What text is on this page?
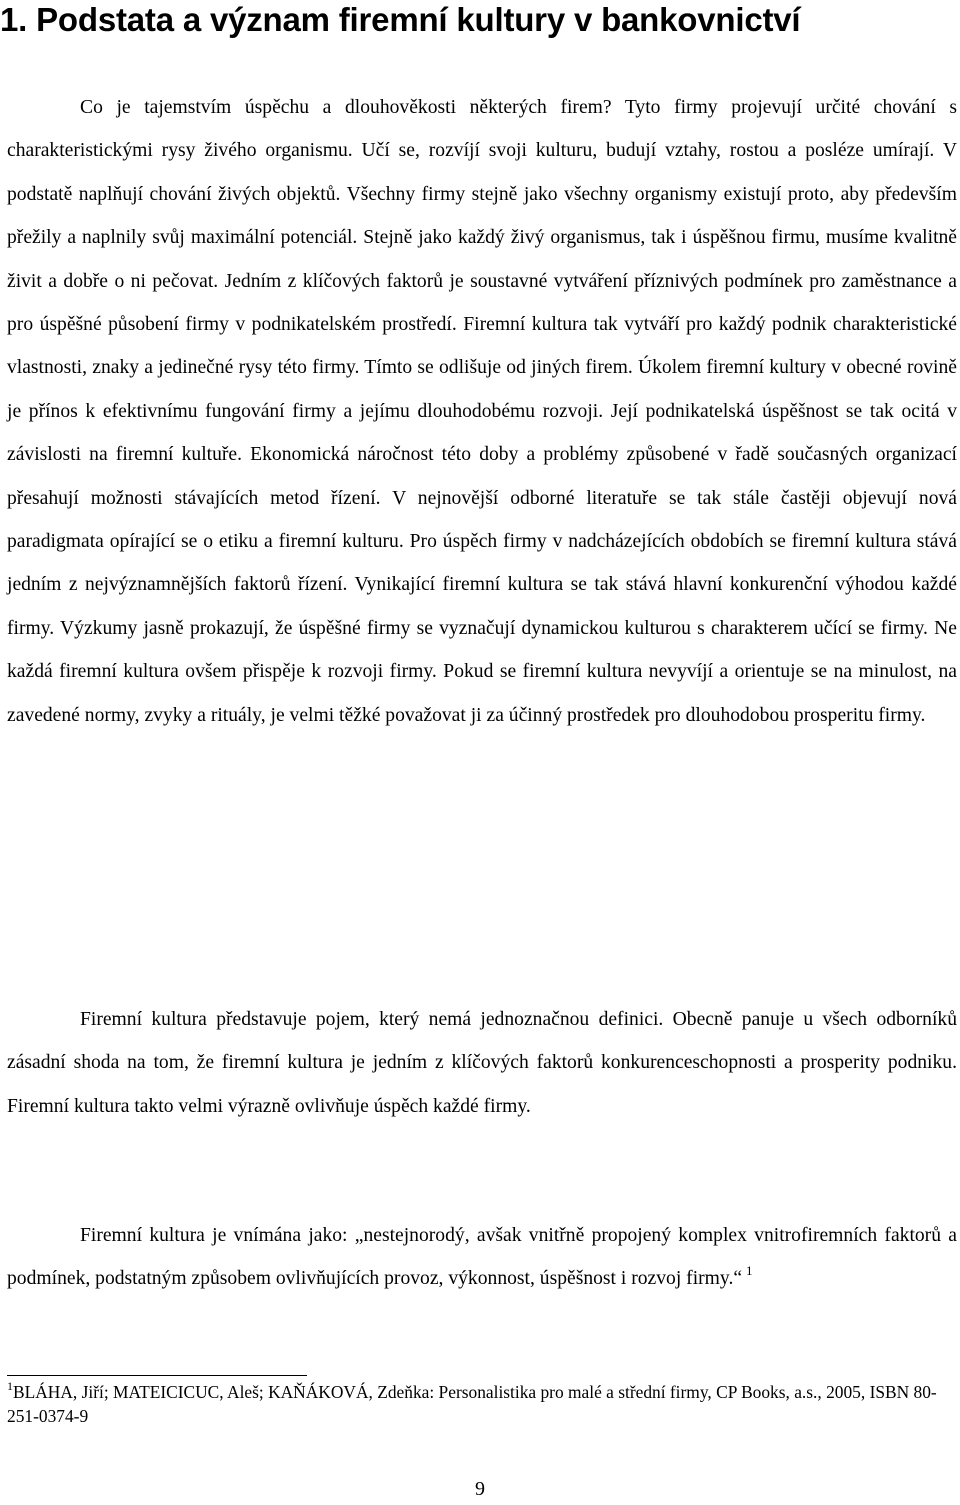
1. Podstata a význam firemní kultury v bankovnictví

Co je tajemstvím úspěchu a dlouhověkosti některých firem? Tyto firmy projevují určité chování s charakteristickými rysy živého organismu. Učí se, rozvíjí svoji kulturu, budují vztahy, rostou a posléze umírají. V podstatě naplňují chování živých objektů. Všechny firmy stejně jako všechny organismy existují proto, aby především přežily a naplnily svůj maximální potenciál. Stejně jako každý živý organismus, tak i úspěšnou firmu, musíme kvalitně živit a dobře o ni pečovat. Jedním z klíčových faktorů je soustavné vytváření příznivých podmínek pro zaměstnance a pro úspěšné působení firmy v podnikatelském prostředí. Firemní kultura tak vytváří pro každý podnik charakteristické vlastnosti, znaky a jedinečné rysy této firmy. Tímto se odlišuje od jiných firem. Úkolem firemní kultury v obecné rovině je přínos k efektivnímu fungování firmy a jejímu dlouhodobému rozvoji. Její podnikatelská úspěšnost se tak ocitá v závislosti na firemní kultuře. Ekonomická náročnost této doby a problémy způsobené v řadě současných organizací přesahují možnosti stávajících metod řízení. V nejnovější odborné literatuře se tak stále častěji objevují nová paradigmata opírající se o etiku a firemní kulturu. Pro úspěch firmy v nadcházejících obdobích se firemní kultura stává jedním z nejvýznamnějších faktorů řízení. Vynikající firemní kultura se tak stává hlavní konkurenční výhodou každé firmy. Výzkumy jasně prokazují, že úspěšné firmy se vyznačují dynamickou kulturou s charakterem učící se firmy. Ne každá firemní kultura ovšem přispěje k rozvoji firmy. Pokud se firemní kultura nevyvíjí a orientuje se na minulost, na zavedené normy, zvyky a rituály, je velmi těžké považovat ji za účinný prostředek pro dlouhodobou prosperitu firmy.

Firemní kultura představuje pojem, který nemá jednoznačnou definici. Obecně panuje u všech odborníků zásadní shoda na tom, že firemní kultura je jedním z klíčových faktorů konkurenceschopnosti a prosperity podniku. Firemní kultura takto velmi výrazně ovlivňuje úspěch každé firmy.

Firemní kultura je vnímána jako: „nestejnorodý, avšak vnitřně propojený komplex vnitrofiremních faktorů a podmínek, podstatným způsobem ovlivňujících provoz, výkonnost, úspěšnost i rozvoj firmy.“ $^1$

$^1$BLÁHA, Jiří; MATEICICUC, Aleš; KAŇÁKOVÁ, Zdeňka: Personalistika pro malé a střední firmy, CP Books, a.s., 2005, ISBN 80-251-0374-9

9
